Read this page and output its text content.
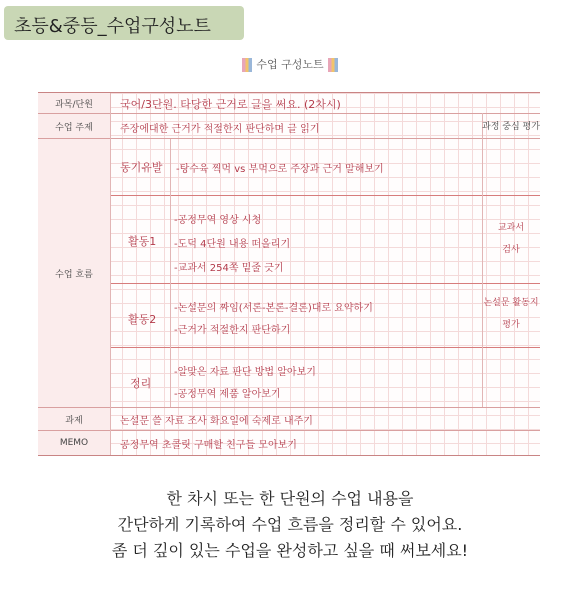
초등&중등_수업구성노트
수업 구성노트
과목/단원
수업 주제
수업 흐름
과제
MEMO
국어/3단원. 타당한 근거로 글을 써요. (2차시)
주장에대한 근거가 적절한지 판단하며 글 읽기	과정 중심 평가
동기유발 -탕수육 찍먹 vs 부먹으로 주장과 근거 말해보기
활동1
-공정무역 영상 시청
-도덕 4단원 내용 떠올리기
-교과서 254쪽 밑줄 긋기
교과서
검사
활동2
-논설문의 짜임(서론-본론-결론)대로 요약하기
-근거가 적절한지 판단하기
논설문 활동지
평가
정리
-알맞은 자료 판단 방법 알아보기
-공정무역 제품 알아보기
논설문 쓸 자료 조사 화요일에 숙제로 내주기
공정무역 초콜릿 구매할 친구들 모아보기
한 차시 또는 한 단원의 수업 내용을
간단하게 기록하여 수업 흐름을 정리할 수 있어요.
좀 더 깊이 있는 수업을 완성하고 싶을 때 써보세요!
